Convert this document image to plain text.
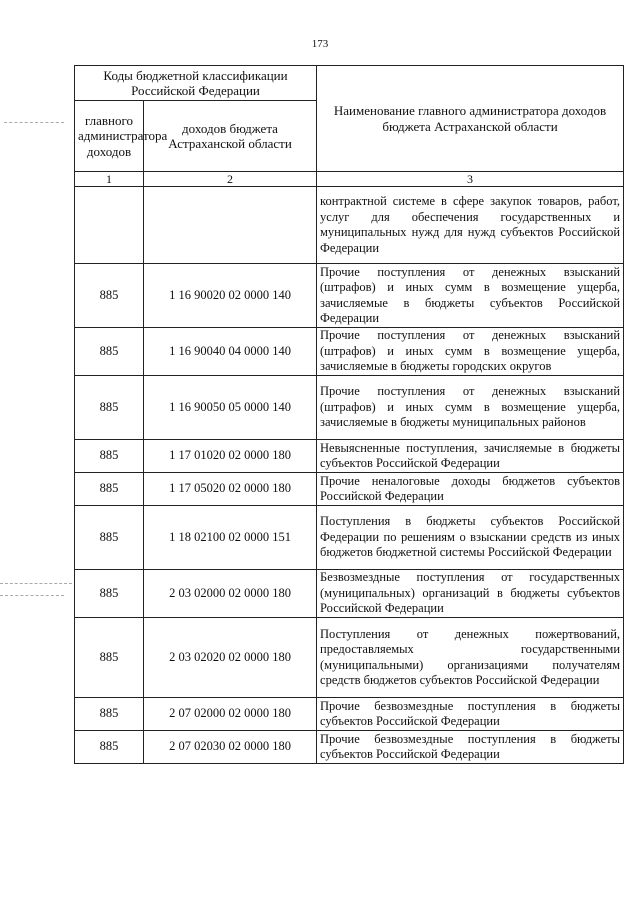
173
Коды бюджетной классификации Российской Федерации		Наименование главного администратора доходов бюджета Астраханской области
главного администратора доходов	доходов бюджета Астраханской области	
1	2	3
		контрактной системе в сфере закупок товаров, работ, услуг для обеспечения государственных и муниципальных нужд для нужд субъектов Российской Федерации
885	1 16 90020 02 0000 140	Прочие поступления от денежных взысканий (штрафов) и иных сумм в возмещение ущерба, зачисляемые в бюджеты субъектов Российской Федерации
885	1 16 90040 04 0000 140	Прочие поступления от денежных взысканий (штрафов) и иных сумм в возмещение ущерба, зачисляемые в бюджеты городских округов
885	1 16 90050 05 0000 140	Прочие поступления от денежных взысканий (штрафов) и иных сумм в возмещение ущерба, зачисляемые в бюджеты муниципальных районов
885	1 17 01020 02 0000 180	Невыясненные поступления, зачисляемые в бюджеты субъектов Российской Федерации
885	1 17 05020 02 0000 180	Прочие неналоговые доходы бюджетов субъектов Российской Федерации
885	1 18 02100 02 0000 151	Поступления в бюджеты субъектов Российской Федерации по решениям о взыскании средств из иных бюджетов бюджетной системы Российской Федерации
885	2 03 02000 02 0000 180	Безвозмездные поступления от государственных (муниципальных) организаций в бюджеты субъектов Российской Федерации
885	2 03 02020 02 0000 180	Поступления от денежных пожертвований, предоставляемых государственными (муниципальными) организациями получателям средств бюджетов субъектов Российской Федерации
885	2 07 02000 02 0000 180	Прочие безвозмездные поступления в бюджеты субъектов Российской Федерации
885	2 07 02030 02 0000 180	Прочие безвозмездные поступления в бюджеты субъектов Российской Федерации
